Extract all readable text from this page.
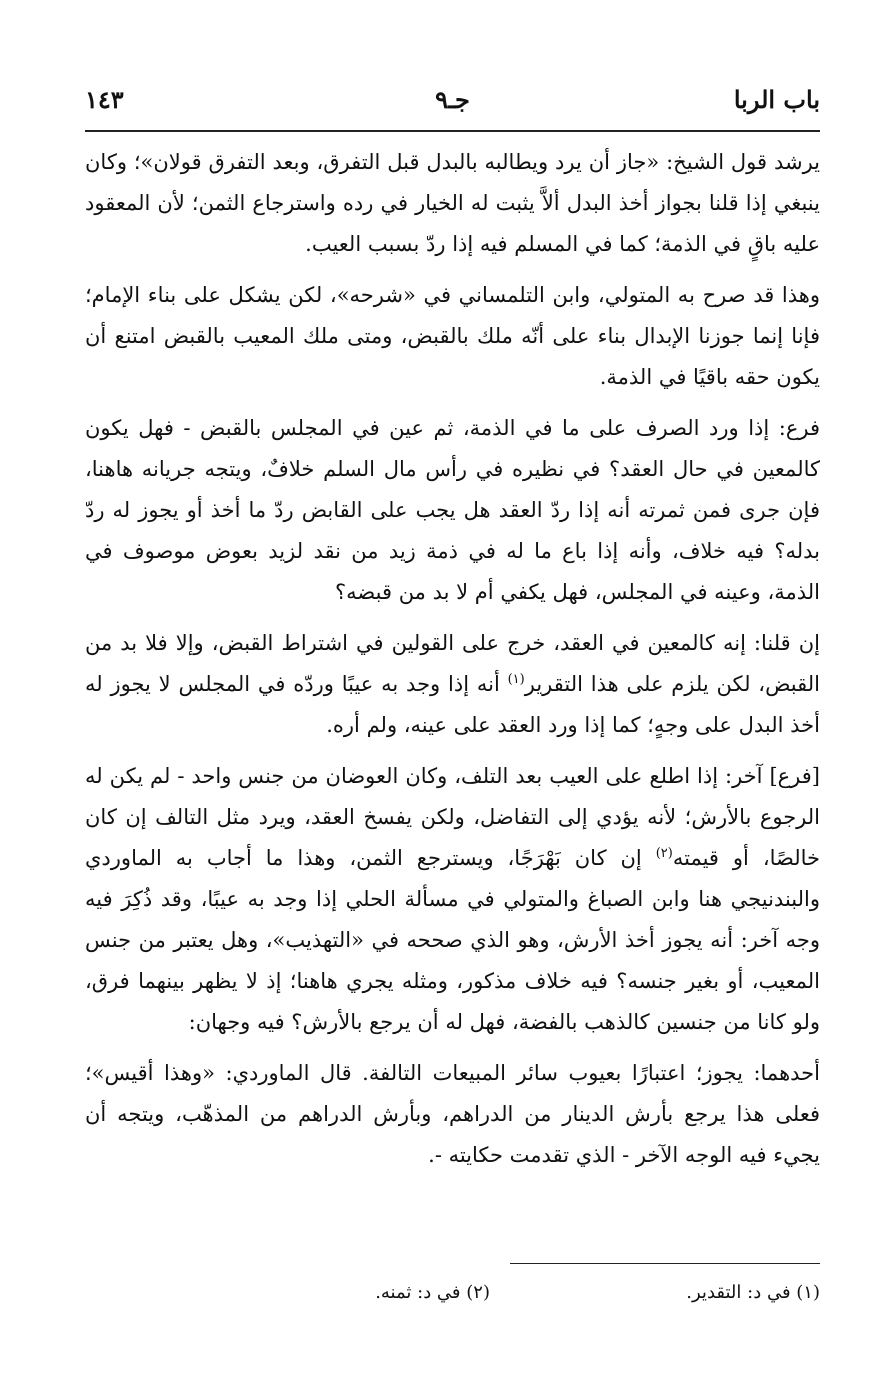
باب الربا
جـ٩
١٤٣

يرشد قول الشيخ: «جاز أن يرد ويطالبه بالبدل قبل التفرق، وبعد التفرق قولان»؛ وكان ينبغي إذا قلنا بجواز أخذ البدل ألاَّ يثبت له الخيار في رده واسترجاع الثمن؛ لأن المعقود عليه باقٍ في الذمة؛ كما في المسلم فيه إذا ردّ بسبب العيب.

وهذا قد صرح به المتولي، وابن التلمساني في «شرحه»، لكن يشكل على بناء الإمام؛ فإنا إنما جوزنا الإبدال بناء على أنّه ملك بالقبض، ومتى ملك المعيب بالقبض امتنع أن يكون حقه باقيًا في الذمة.

فرع: إذا ورد الصرف على ما في الذمة، ثم عين في المجلس بالقبض - فهل يكون كالمعين في حال العقد؟ في نظيره في رأس مال السلم خلافٌ، ويتجه جريانه هاهنا، فإن جرى فمن ثمرته أنه إذا ردّ العقد هل يجب على القابض ردّ ما أخذ أو يجوز له ردّ بدله؟ فيه خلاف، وأنه إذا باع ما له في ذمة زيد من نقد لزيد بعوض موصوف في الذمة، وعينه في المجلس، فهل يكفي أم لا بد من قبضه؟

إن قلنا: إنه كالمعين في العقد، خرج على القولين في اشتراط القبض، وإلا فلا بد من القبض، لكن يلزم على هذا التقرير$^{(١)}$ أنه إذا وجد به عيبًا وردّه في المجلس لا يجوز له أخذ البدل على وجهٍ؛ كما إذا ورد العقد على عينه، ولم أره.

[فرع] آخر: إذا اطلع على العيب بعد التلف، وكان العوضان من جنس واحد - لم يكن له الرجوع بالأرش؛ لأنه يؤدي إلى التفاضل، ولكن يفسخ العقد، ويرد مثل التالف إن كان خالصًا، أو قيمته$^{(٢)}$ إن كان بَهْرَجًا، ويسترجع الثمن، وهذا ما أجاب به الماوردي والبندنيجي هنا وابن الصباغ والمتولي في مسألة الحلي إذا وجد به عيبًا، وقد ذُكِرَ فيه وجه آخر: أنه يجوز أخذ الأرش، وهو الذي صححه في «التهذيب»، وهل يعتبر من جنس المعيب، أو بغير جنسه؟ فيه خلاف مذكور، ومثله يجري هاهنا؛ إذ لا يظهر بينهما فرق، ولو كانا من جنسين كالذهب بالفضة، فهل له أن يرجع بالأرش؟ فيه وجهان:

أحدهما: يجوز؛ اعتبارًا بعيوب سائر المبيعات التالفة. قال الماوردي: «وهذا أقيس»؛ فعلى هذا يرجع بأرش الدينار من الدراهم، وبأرش الدراهم من المذهّب، ويتجه أن يجيء فيه الوجه الآخر - الذي تقدمت حكايته -.

(١) في د: التقدير.
(٢) في د: ثمنه.
